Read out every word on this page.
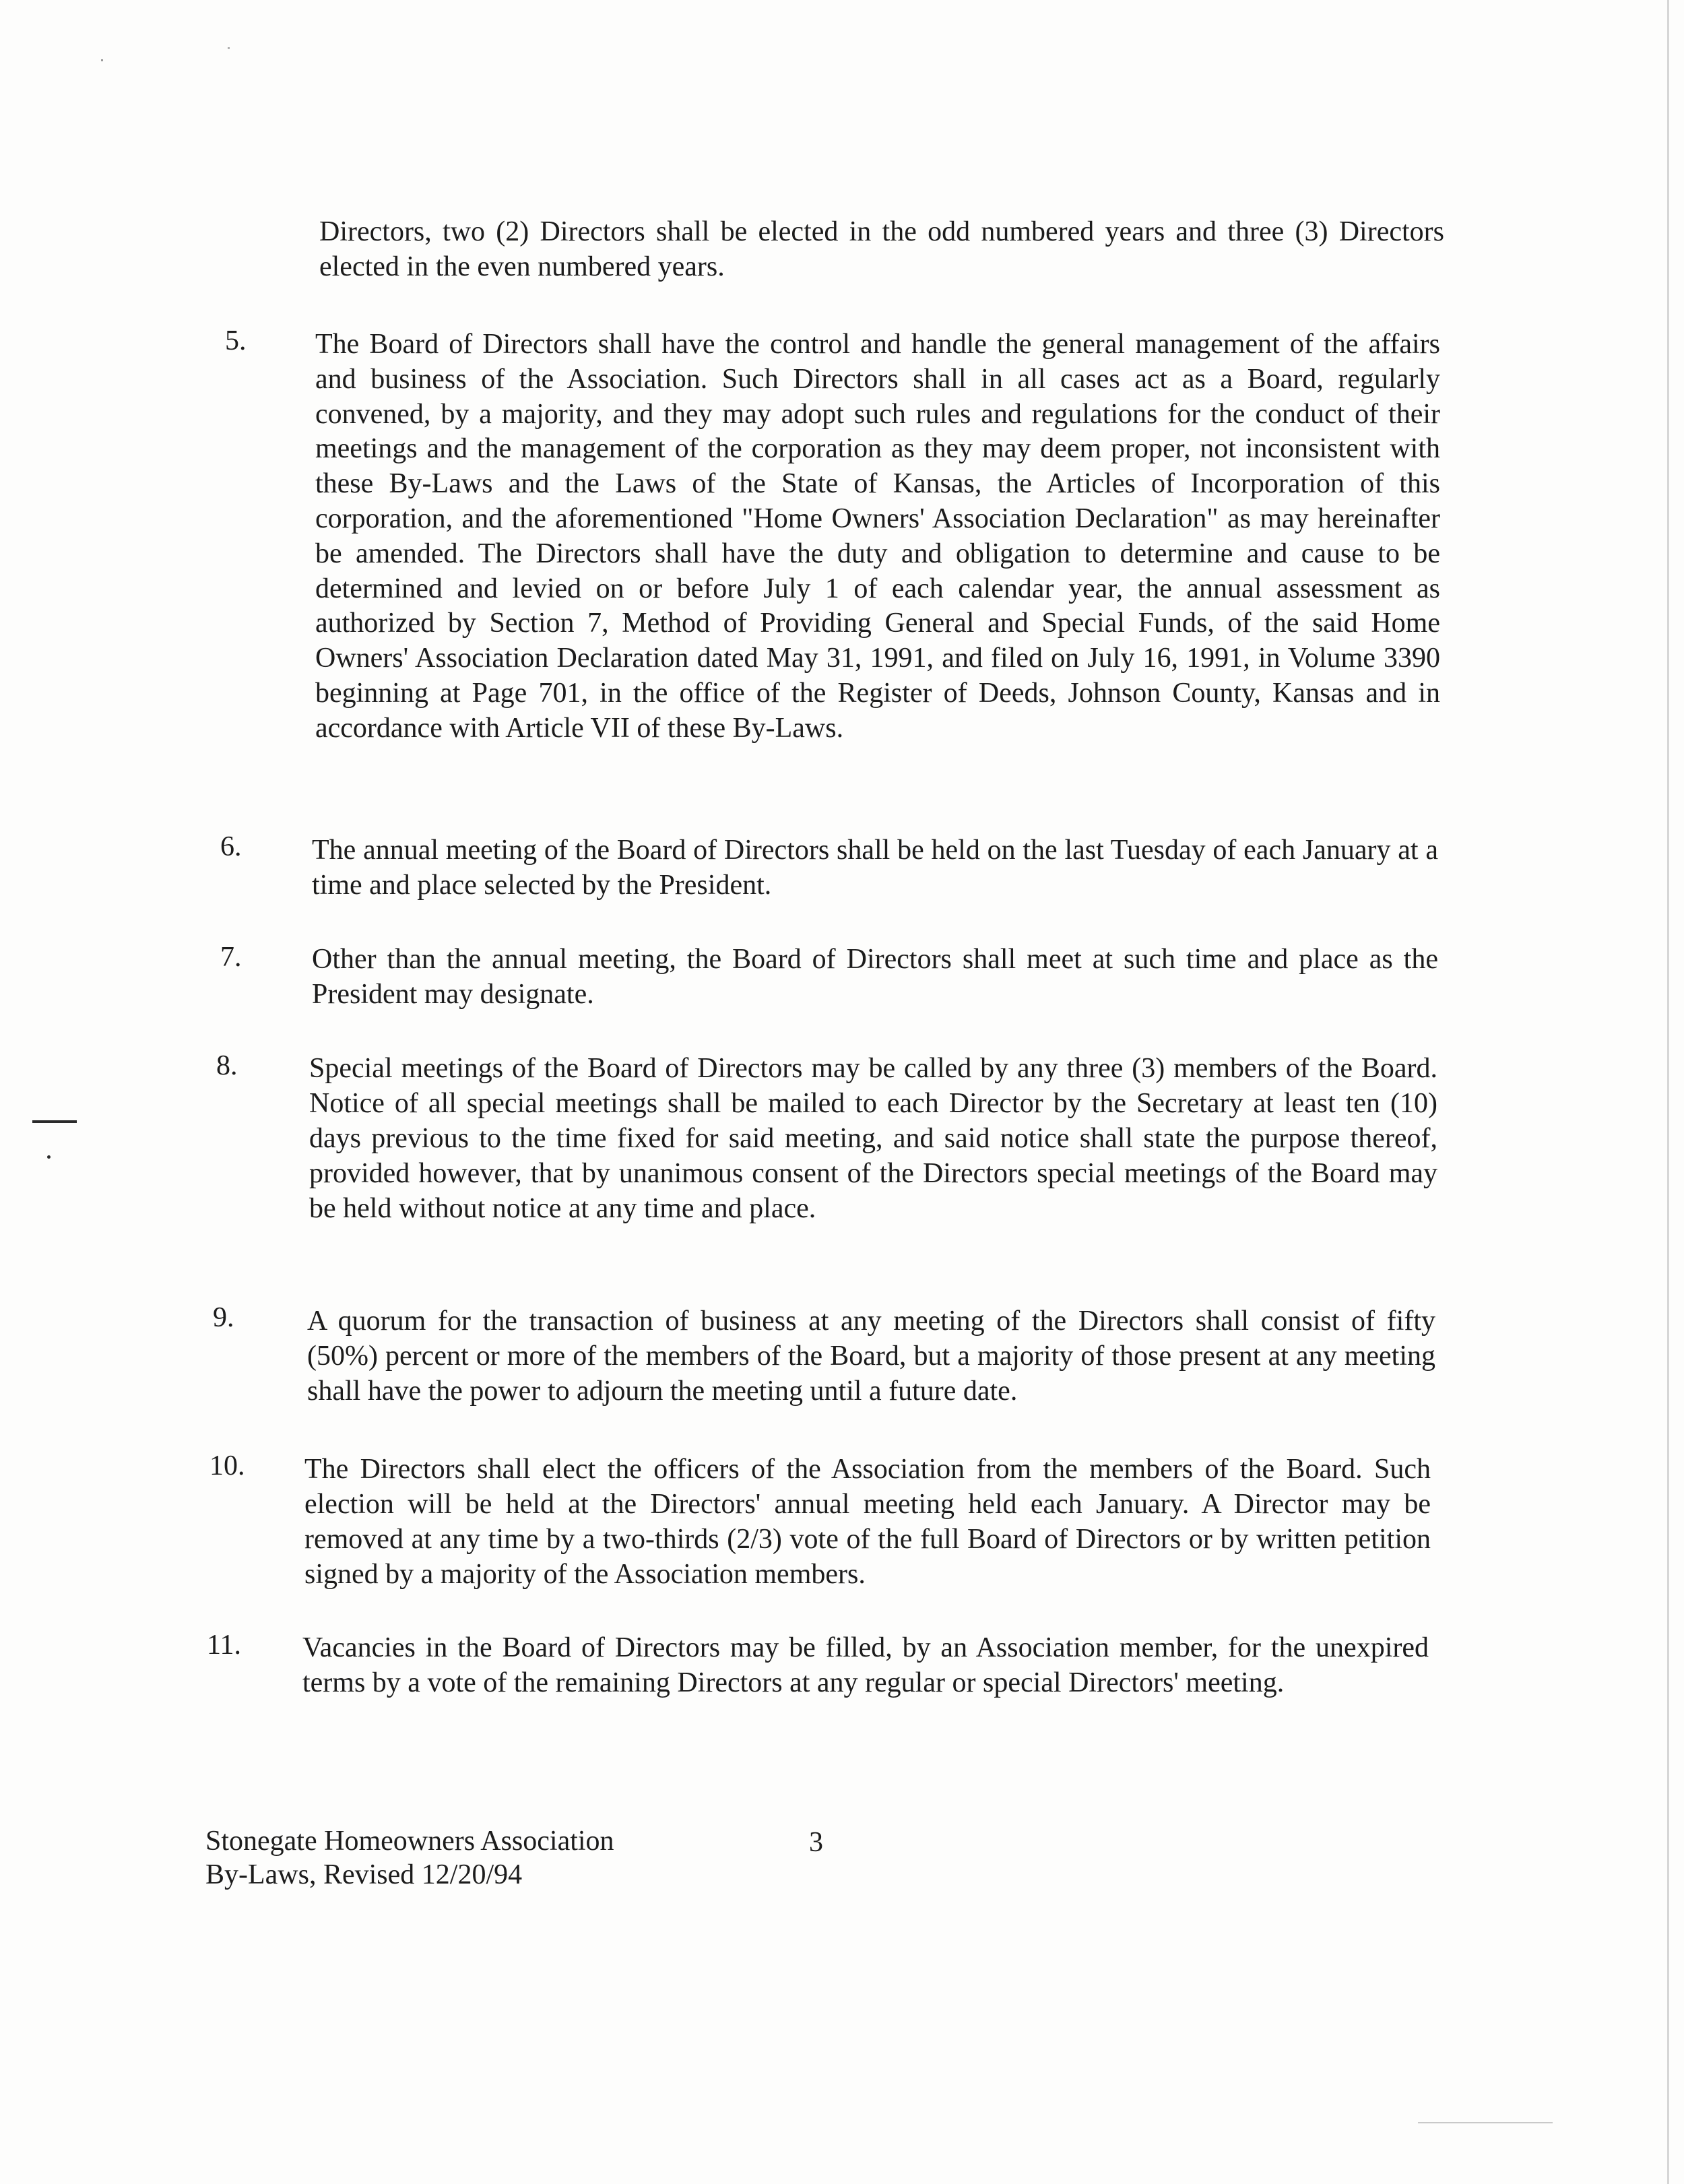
Directors, two (2) Directors shall be elected in the odd numbered years and three (3) Directors elected in the even numbered years.

5. The Board of Directors shall have the control and handle the general management of the affairs and business of the Association. Such Directors shall in all cases act as a Board, regularly convened, by a majority, and they may adopt such rules and regulations for the conduct of their meetings and the management of the corporation as they may deem proper, not inconsistent with these By-Laws and the Laws of the State of Kansas, the Articles of Incorporation of this corporation, and the aforementioned "Home Owners' Association Declaration" as may hereinafter be amended. The Directors shall have the duty and obligation to determine and cause to be determined and levied on or before July 1 of each calendar year, the annual assessment as authorized by Section 7, Method of Providing General and Special Funds, of the said Home Owners' Association Declaration dated May 31, 1991, and filed on July 16, 1991, in Volume 3390 beginning at Page 701, in the office of the Register of Deeds, Johnson County, Kansas and in accordance with Article VII of these By-Laws.

6. The annual meeting of the Board of Directors shall be held on the last Tuesday of each January at a time and place selected by the President.

7. Other than the annual meeting, the Board of Directors shall meet at such time and place as the President may designate.

8.	Special meetings of the Board of Directors may be called by any three (3) members of the Board. Notice of all special meetings shall be mailed to each Director by the Secretary at least ten (10) days previous to the time fixed for said meeting, and said notice shall state the purpose thereof, provided however, that by unanimous consent of the Directors special meetings of the Board may be held without notice at any time and place.

9.	A quorum for the transaction of business at any meeting of the Directors shall consist of fifty (50%) percent or more of the members of the Board, but a majority of those present at any meeting shall have the power to adjourn the meeting until a future date.

10. The Directors shall elect the officers of the Association from the members of the Board. Such election will be held at the Directors' annual meeting held each January. A Director may be removed at any time by a two-thirds (2/3) vote of the full Board of Directors or by written petition signed by a majority of the Association members.

11. Vacancies in the Board of Directors may be filled, by an Association member, for the unexpired terms by a vote of the remaining Directors at any regular or special Directors' meeting.

Stonegate Homeowners Association
By-Laws, Revised 12/20/94
3
